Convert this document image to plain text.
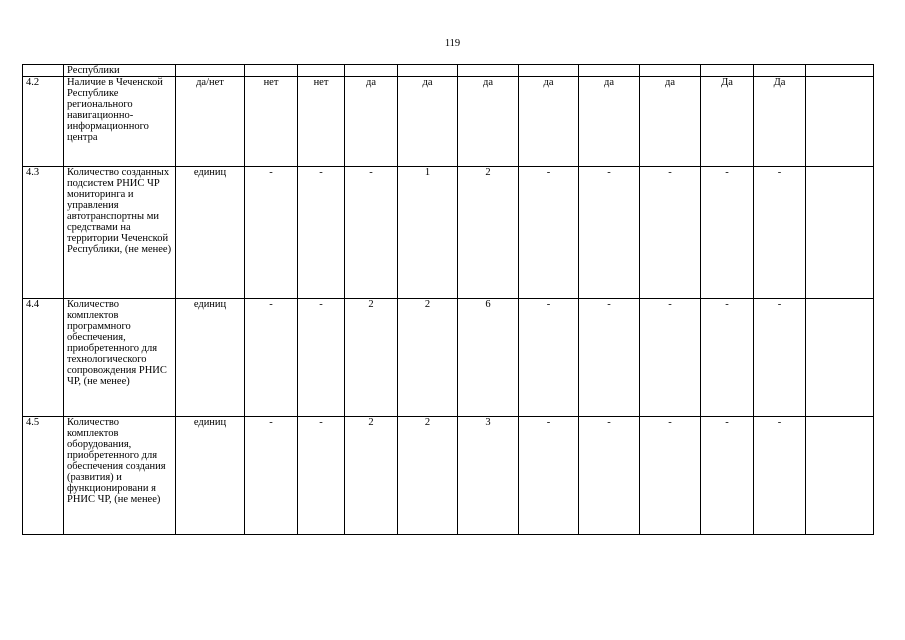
119
	Республики												
4.2	Наличие в Чеченской Республике регионального навигационно-информационного центра	да/нет	нет	нет	да	да	да	да	да	да	Да	Да	
4.3	Количество созданных подсистем РНИС ЧР мониторинга и управления автотранспортны ми средствами на территории Чеченской Республики, (не менее)	единиц	-	-	-	1	2	-	-	-	-	-	
4.4	Количество комплектов программного обеспечения, приобретенного для технологического сопровождения РНИС ЧР, (не менее)	единиц	-	-	2	2	6	-	-	-	-	-	
4.5	Количество комплектов оборудования, приобретенного для обеспечения создания (развития) и функционировани я РНИС ЧР, (не менее)	единиц	-	-	2	2	3	-	-	-	-	-	
